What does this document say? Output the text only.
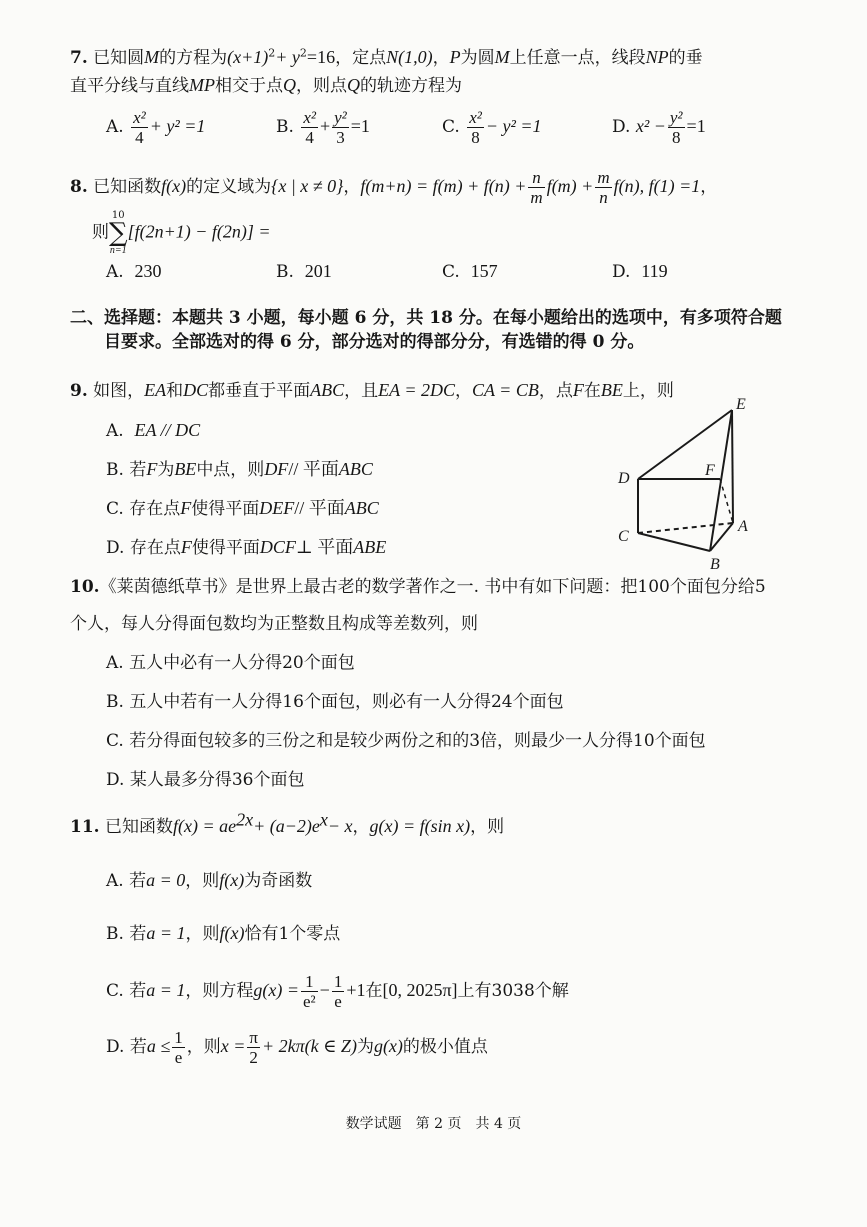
7. 已知圆M的方程为$(x+1)^2+ y^2=16$，定点N(1,0)，P为圆M上任意一点，线段NP的垂
直平分线与直线MP相交于点Q，则点Q的轨迹方程为
A. $\frac{\text{x²}}{4} + y^2 =1$	B. $\frac{\text{x²}}{4} + \frac{\text{y²}}{3} =1$	C. $\frac{\text{x²}}{8} - y^2 =1$	D. $x^2 - \frac{\text{y²}}{8} =1$
8. 已知函数f(x)的定义域为{x | x ≠ 0}，$f(m+n) = f(m) + f(n) + \frac{n}{m} f(m) + \frac{m}{n} f(n)$, f(1) =1，
则
10
∑
n=1
[f(2n+1) − f(2n)] =
A. 230	B. 201	C. 157	D. 119
二、选择题：本题共 3 小题，每小题 6 分，共 18 分。在每小题给出的选项中，有多项符合题
目要求。全部选对的得 6 分，部分选对的得部分分，有选错的得 0 分。
9. 如图，EA和DC都垂直于平面ABC，且EA = 2DC，CA = CB，点F在BE上，则
A. EA // DC
B. 若F为BE中点，则DF// 平面ABC
C. 存在点F使得平面DEF// 平面ABC
D. 存在点F使得平面DCF⊥ 平面ABE
E
D	F
C
A
B
10.《莱茵德纸草书》是世界上最古老的数学著作之一. 书中有如下问题：把100个面包分给5
个人，每人分得面包数均为正整数且构成等差数列，则
A. 五人中必有一人分得20个面包
B. 五人中若有一人分得16个面包，则必有一人分得24个面包
C. 若分得面包较多的三份之和是较少两份之和的3倍，则最少一人分得10个面包
D. 某人最多分得36个面包
11. 已知函数$f(x) = ae^{2x}+ (a-2)e^x- x$，g(x) = f(sin x)，则
A. 若a = 0，则f(x)为奇函数
B. 若a = 1，则f(x)恰有1个零点
C. 若a = 1，则方程$g(x) = \frac{1}{\text{e²}} - \frac{1}{e} +1$在[0, 2025π]上有3038个解
D. 若$a \le \frac{1}{e}$ ，则$x = \frac{\pi}{2} + 2k\pi(k$ ∈ Z)为g(x)的极小值点
数学试题　第 2 页　共 4 页
